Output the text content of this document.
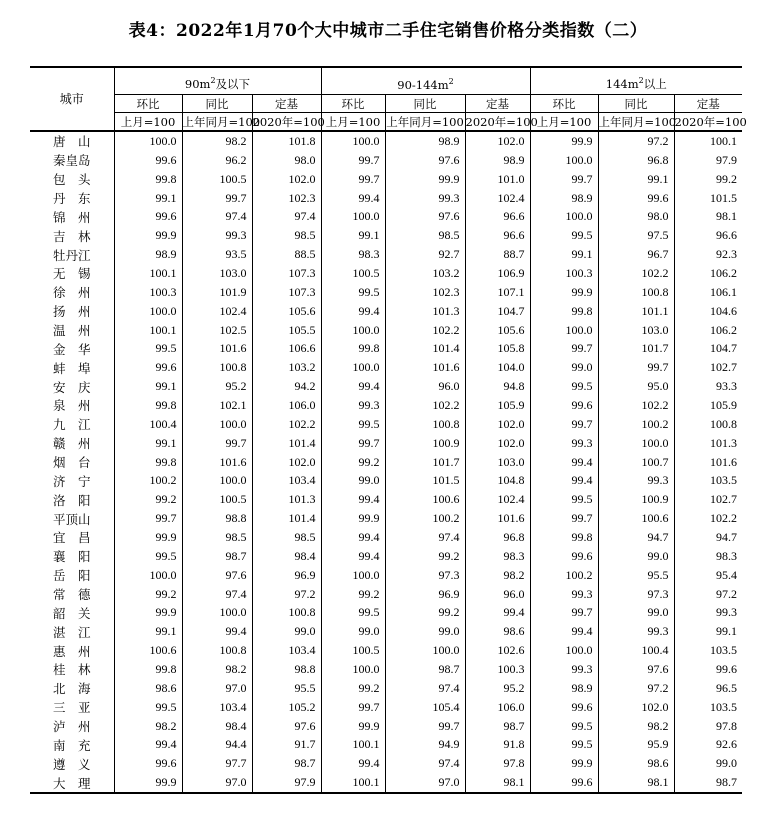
表4：2022年1月70个大中城市二手住宅销售价格分类指数（二）
城市	$90m^2$及以下			$90-144m^2$			$144m^2$以上		
	环比	同比	定基	环比	同比	定基	环比	同比	定基
	上月=100	上年同月=100	2020年=100	上月=100	上年同月=100	2020年=100	上月=100	上年同月=100	2020年=100
唐　山	100.0	98.2	101.8	100.0	98.9	102.0	99.9	97.2	100.1
秦皇岛	99.6	96.2	98.0	99.7	97.6	98.9	100.0	96.8	97.9
包　头	99.8	100.5	102.0	99.7	99.9	101.0	99.7	99.1	99.2
丹　东	99.1	99.7	102.3	99.4	99.3	102.4	98.9	99.6	101.5
锦　州	99.6	97.4	97.4	100.0	97.6	96.6	100.0	98.0	98.1
吉　林	99.9	99.3	98.5	99.1	98.5	96.6	99.5	97.5	96.6
牡丹江	98.9	93.5	88.5	98.3	92.7	88.7	99.1	96.7	92.3
无　锡	100.1	103.0	107.3	100.5	103.2	106.9	100.3	102.2	106.2
徐　州	100.3	101.9	107.3	99.5	102.3	107.1	99.9	100.8	106.1
扬　州	100.0	102.4	105.6	99.4	101.3	104.7	99.8	101.1	104.6
温　州	100.1	102.5	105.5	100.0	102.2	105.6	100.0	103.0	106.2
金　华	99.5	101.6	106.6	99.8	101.4	105.8	99.7	101.7	104.7
蚌　埠	99.6	100.8	103.2	100.0	101.6	104.0	99.0	99.7	102.7
安　庆	99.1	95.2	94.2	99.4	96.0	94.8	99.5	95.0	93.3
泉　州	99.8	102.1	106.0	99.3	102.2	105.9	99.6	102.2	105.9
九　江	100.4	100.0	102.2	99.5	100.8	102.0	99.7	100.2	100.8
赣　州	99.1	99.7	101.4	99.7	100.9	102.0	99.3	100.0	101.3
烟　台	99.8	101.6	102.0	99.2	101.7	103.0	99.4	100.7	101.6
济　宁	100.2	100.0	103.4	99.0	101.5	104.8	99.4	99.3	103.5
洛　阳	99.2	100.5	101.3	99.4	100.6	102.4	99.5	100.9	102.7
平顶山	99.7	98.8	101.4	99.9	100.2	101.6	99.7	100.6	102.2
宜　昌	99.9	98.5	98.5	99.4	97.4	96.8	99.8	94.7	94.7
襄　阳	99.5	98.7	98.4	99.4	99.2	98.3	99.6	99.0	98.3
岳　阳	100.0	97.6	96.9	100.0	97.3	98.2	100.2	95.5	95.4
常　德	99.2	97.4	97.2	99.2	96.9	96.0	99.3	97.3	97.2
韶　关	99.9	100.0	100.8	99.5	99.2	99.4	99.7	99.0	99.3
湛　江	99.1	99.4	99.0	99.0	99.0	98.6	99.4	99.3	99.1
惠　州	100.6	100.8	103.4	100.5	100.0	102.6	100.0	100.4	103.5
桂　林	99.8	98.2	98.8	100.0	98.7	100.3	99.3	97.6	99.6
北　海	98.6	97.0	95.5	99.2	97.4	95.2	98.9	97.2	96.5
三　亚	99.5	103.4	105.2	99.7	105.4	106.0	99.6	102.0	103.5
泸　州	98.2	98.4	97.6	99.9	99.7	98.7	99.5	98.2	97.8
南　充	99.4	94.4	91.7	100.1	94.9	91.8	99.5	95.9	92.6
遵　义	99.6	97.7	98.7	99.4	97.4	97.8	99.9	98.6	99.0
大　理	99.9	97.0	97.9	100.1	97.0	98.1	99.6	98.1	98.7
